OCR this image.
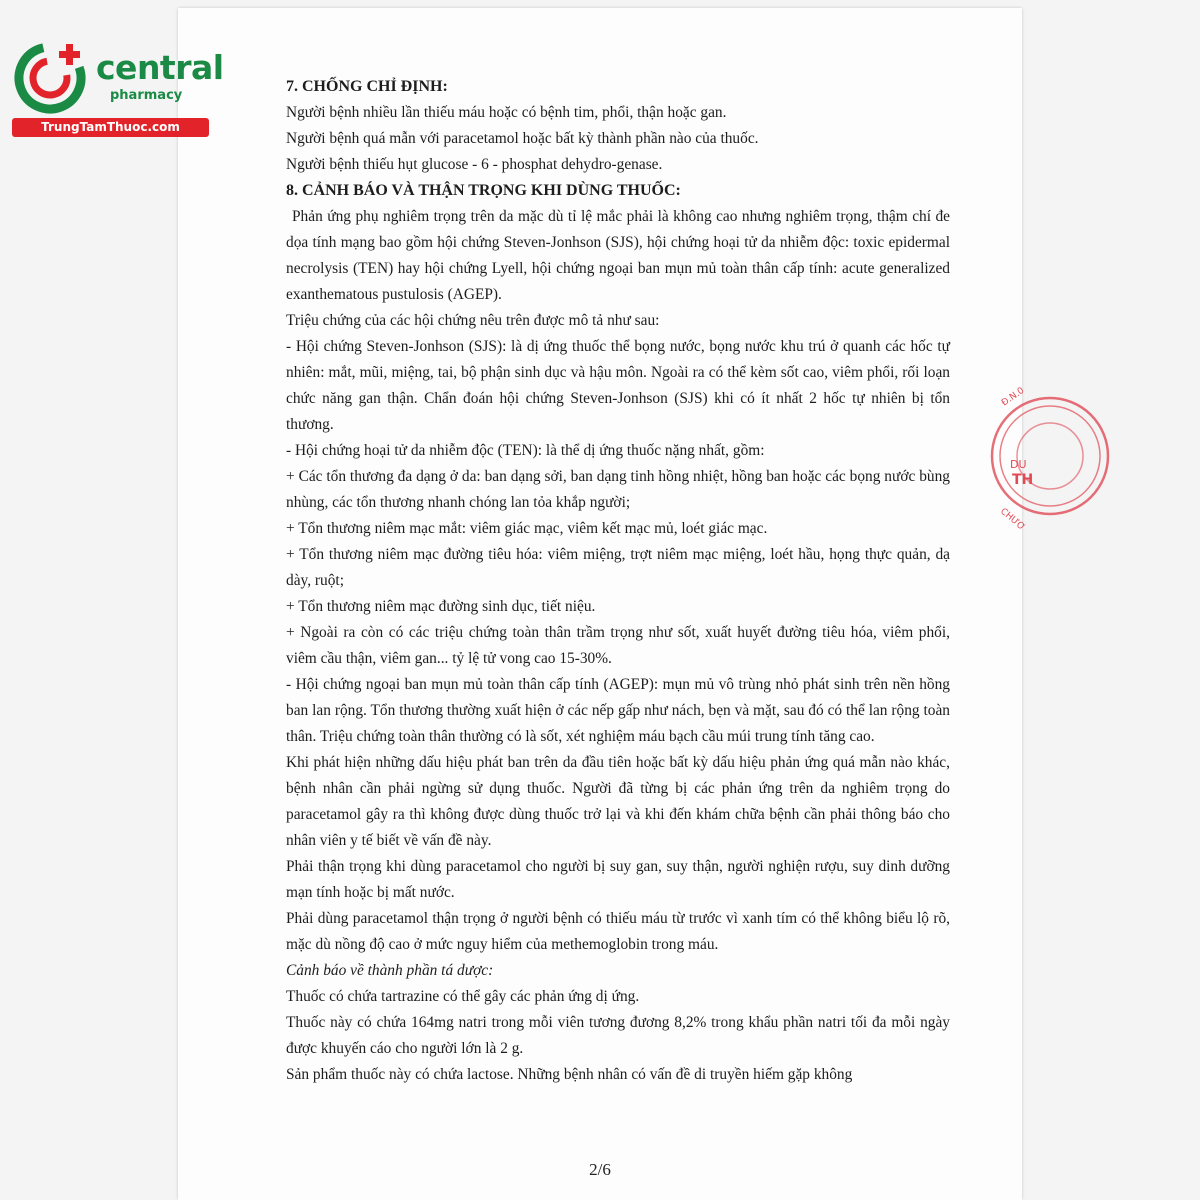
central
pharmacy
TrungTamThuoc.com
Đ.N.0
DU
TH
CHƯƠ
7. CHỐNG CHỈ ĐỊNH:

Người bệnh nhiều lần thiếu máu hoặc có bệnh tim, phổi, thận hoặc gan.

Người bệnh quá mẫn với paracetamol hoặc bất kỳ thành phần nào của thuốc.

Người bệnh thiếu hụt glucose - 6 - phosphat dehydro-genase.

8. CẢNH BÁO VÀ THẬN TRỌNG KHI DÙNG THUỐC:

Phản ứng phụ nghiêm trọng trên da mặc dù tỉ lệ mắc phải là không cao nhưng nghiêm trọng, thậm chí đe dọa tính mạng bao gồm hội chứng Steven-Jonhson (SJS), hội chứng hoại tử da nhiễm độc: toxic epidermal necrolysis (TEN) hay hội chứng Lyell, hội chứng ngoại ban mụn mủ toàn thân cấp tính: acute generalized exanthematous pustulosis (AGEP).

Triệu chứng của các hội chứng nêu trên được mô tả như sau:

- Hội chứng Steven-Jonhson (SJS): là dị ứng thuốc thể bọng nước, bọng nước khu trú ở quanh các hốc tự nhiên: mắt, mũi, miệng, tai, bộ phận sinh dục và hậu môn. Ngoài ra có thể kèm sốt cao, viêm phổi, rối loạn chức năng gan thận. Chẩn đoán hội chứng Steven-Jonhson (SJS) khi có ít nhất 2 hốc tự nhiên bị tổn thương.

- Hội chứng hoại tử da nhiễm độc (TEN): là thể dị ứng thuốc nặng nhất, gồm:

+ Các tổn thương đa dạng ở da: ban dạng sởi, ban dạng tinh hồng nhiệt, hồng ban hoặc các bọng nước bùng nhùng, các tổn thương nhanh chóng lan tỏa khắp người;

+ Tổn thương niêm mạc mắt: viêm giác mạc, viêm kết mạc mủ, loét giác mạc.

+ Tổn thương niêm mạc đường tiêu hóa: viêm miệng, trợt niêm mạc miệng, loét hầu, họng thực quản, dạ dày, ruột;

+ Tổn thương niêm mạc đường sinh dục, tiết niệu.

+ Ngoài ra còn có các triệu chứng toàn thân trầm trọng như sốt, xuất huyết đường tiêu hóa, viêm phổi, viêm cầu thận, viêm gan... tỷ lệ tử vong cao 15-30%.

- Hội chứng ngoại ban mụn mủ toàn thân cấp tính (AGEP): mụn mủ vô trùng nhỏ phát sinh trên nền hồng ban lan rộng. Tổn thương thường xuất hiện ở các nếp gấp như nách, bẹn và mặt, sau đó có thể lan rộng toàn thân. Triệu chứng toàn thân thường có là sốt, xét nghiệm máu bạch cầu múi trung tính tăng cao.

Khi phát hiện những dấu hiệu phát ban trên da đầu tiên hoặc bất kỳ dấu hiệu phản ứng quá mẫn nào khác, bệnh nhân cần phải ngừng sử dụng thuốc. Người đã từng bị các phản ứng trên da nghiêm trọng do paracetamol gây ra thì không được dùng thuốc trở lại và khi đến khám chữa bệnh cần phải thông báo cho nhân viên y tế biết về vấn đề này.

Phải thận trọng khi dùng paracetamol cho người bị suy gan, suy thận, người nghiện rượu, suy dinh dưỡng mạn tính hoặc bị mất nước.

Phải dùng paracetamol thận trọng ở người bệnh có thiếu máu từ trước vì xanh tím có thể không biểu lộ rõ, mặc dù nồng độ cao ở mức nguy hiểm của methemoglobin trong máu.

Cảnh báo về thành phần tá dược:

Thuốc có chứa tartrazine có thể gây các phản ứng dị ứng.

Thuốc này có chứa 164mg natri trong mỗi viên tương đương 8,2% trong khẩu phần natri tối đa mỗi ngày được khuyến cáo cho người lớn là 2 g.

Sản phẩm thuốc này có chứa lactose. Những bệnh nhân có vấn đề di truyền hiếm gặp không

2/6
